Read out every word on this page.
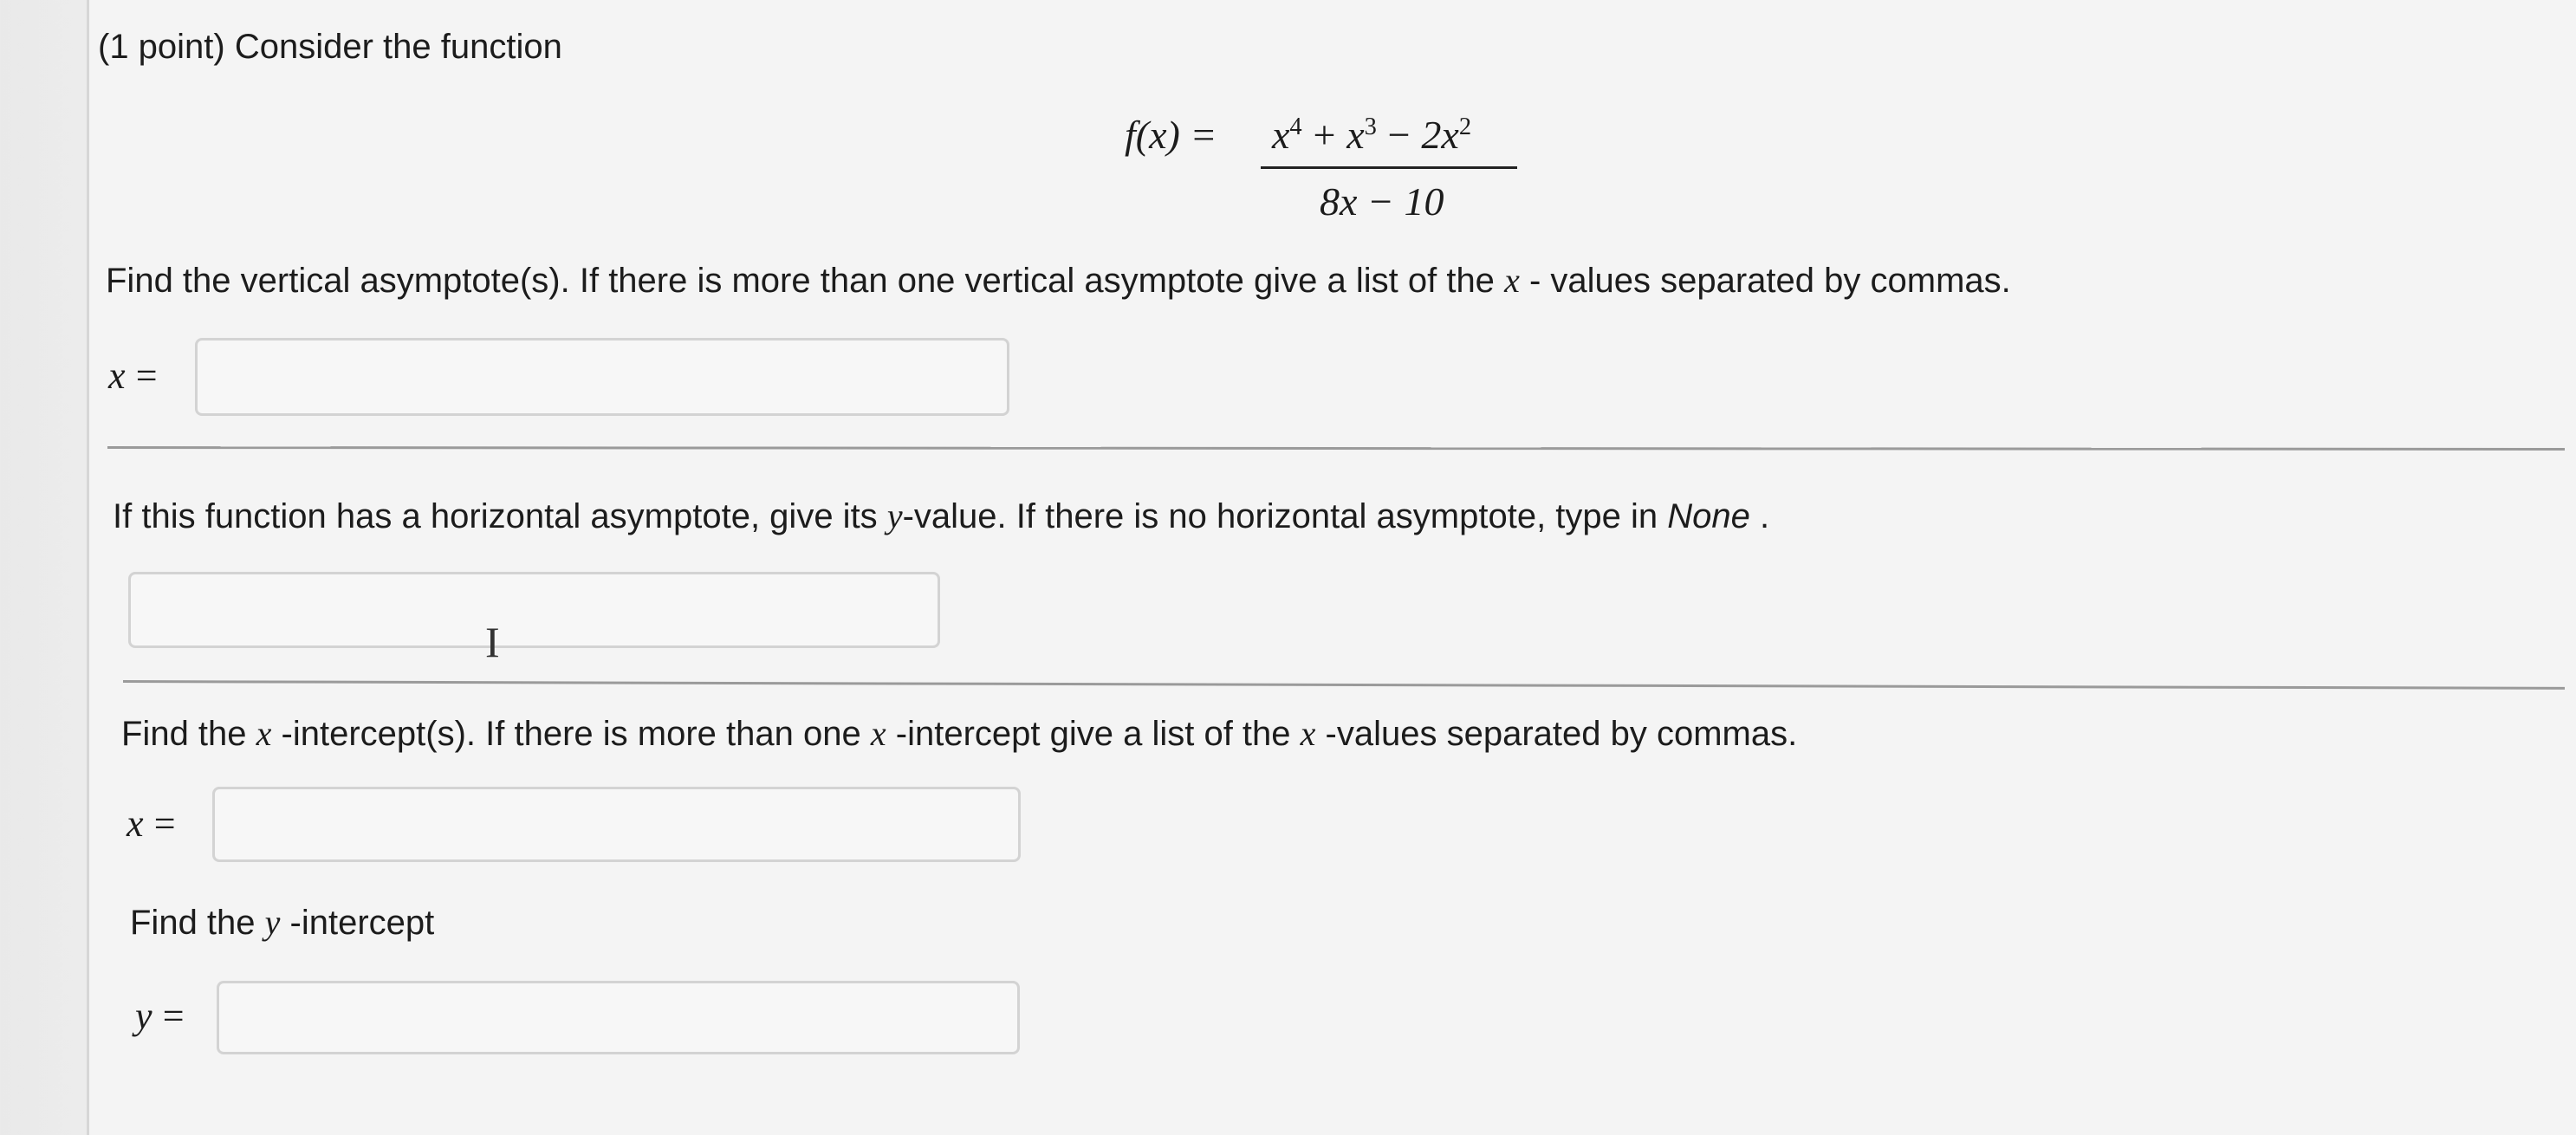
(1 point) Consider the function
$f(x) = x^4 + x^3 - 2x^2$
8x − 10
Find the vertical asymptote(s). If there is more than one vertical asymptote give a list of the x - values separated by commas.
x =
If this function has a horizontal asymptote, give its y-value. If there is no horizontal asymptote, type in None .
I
Find the x -intercept(s). If there is more than one x -intercept give a list of the x -values separated by commas.
x =
Find the y -intercept
y =
